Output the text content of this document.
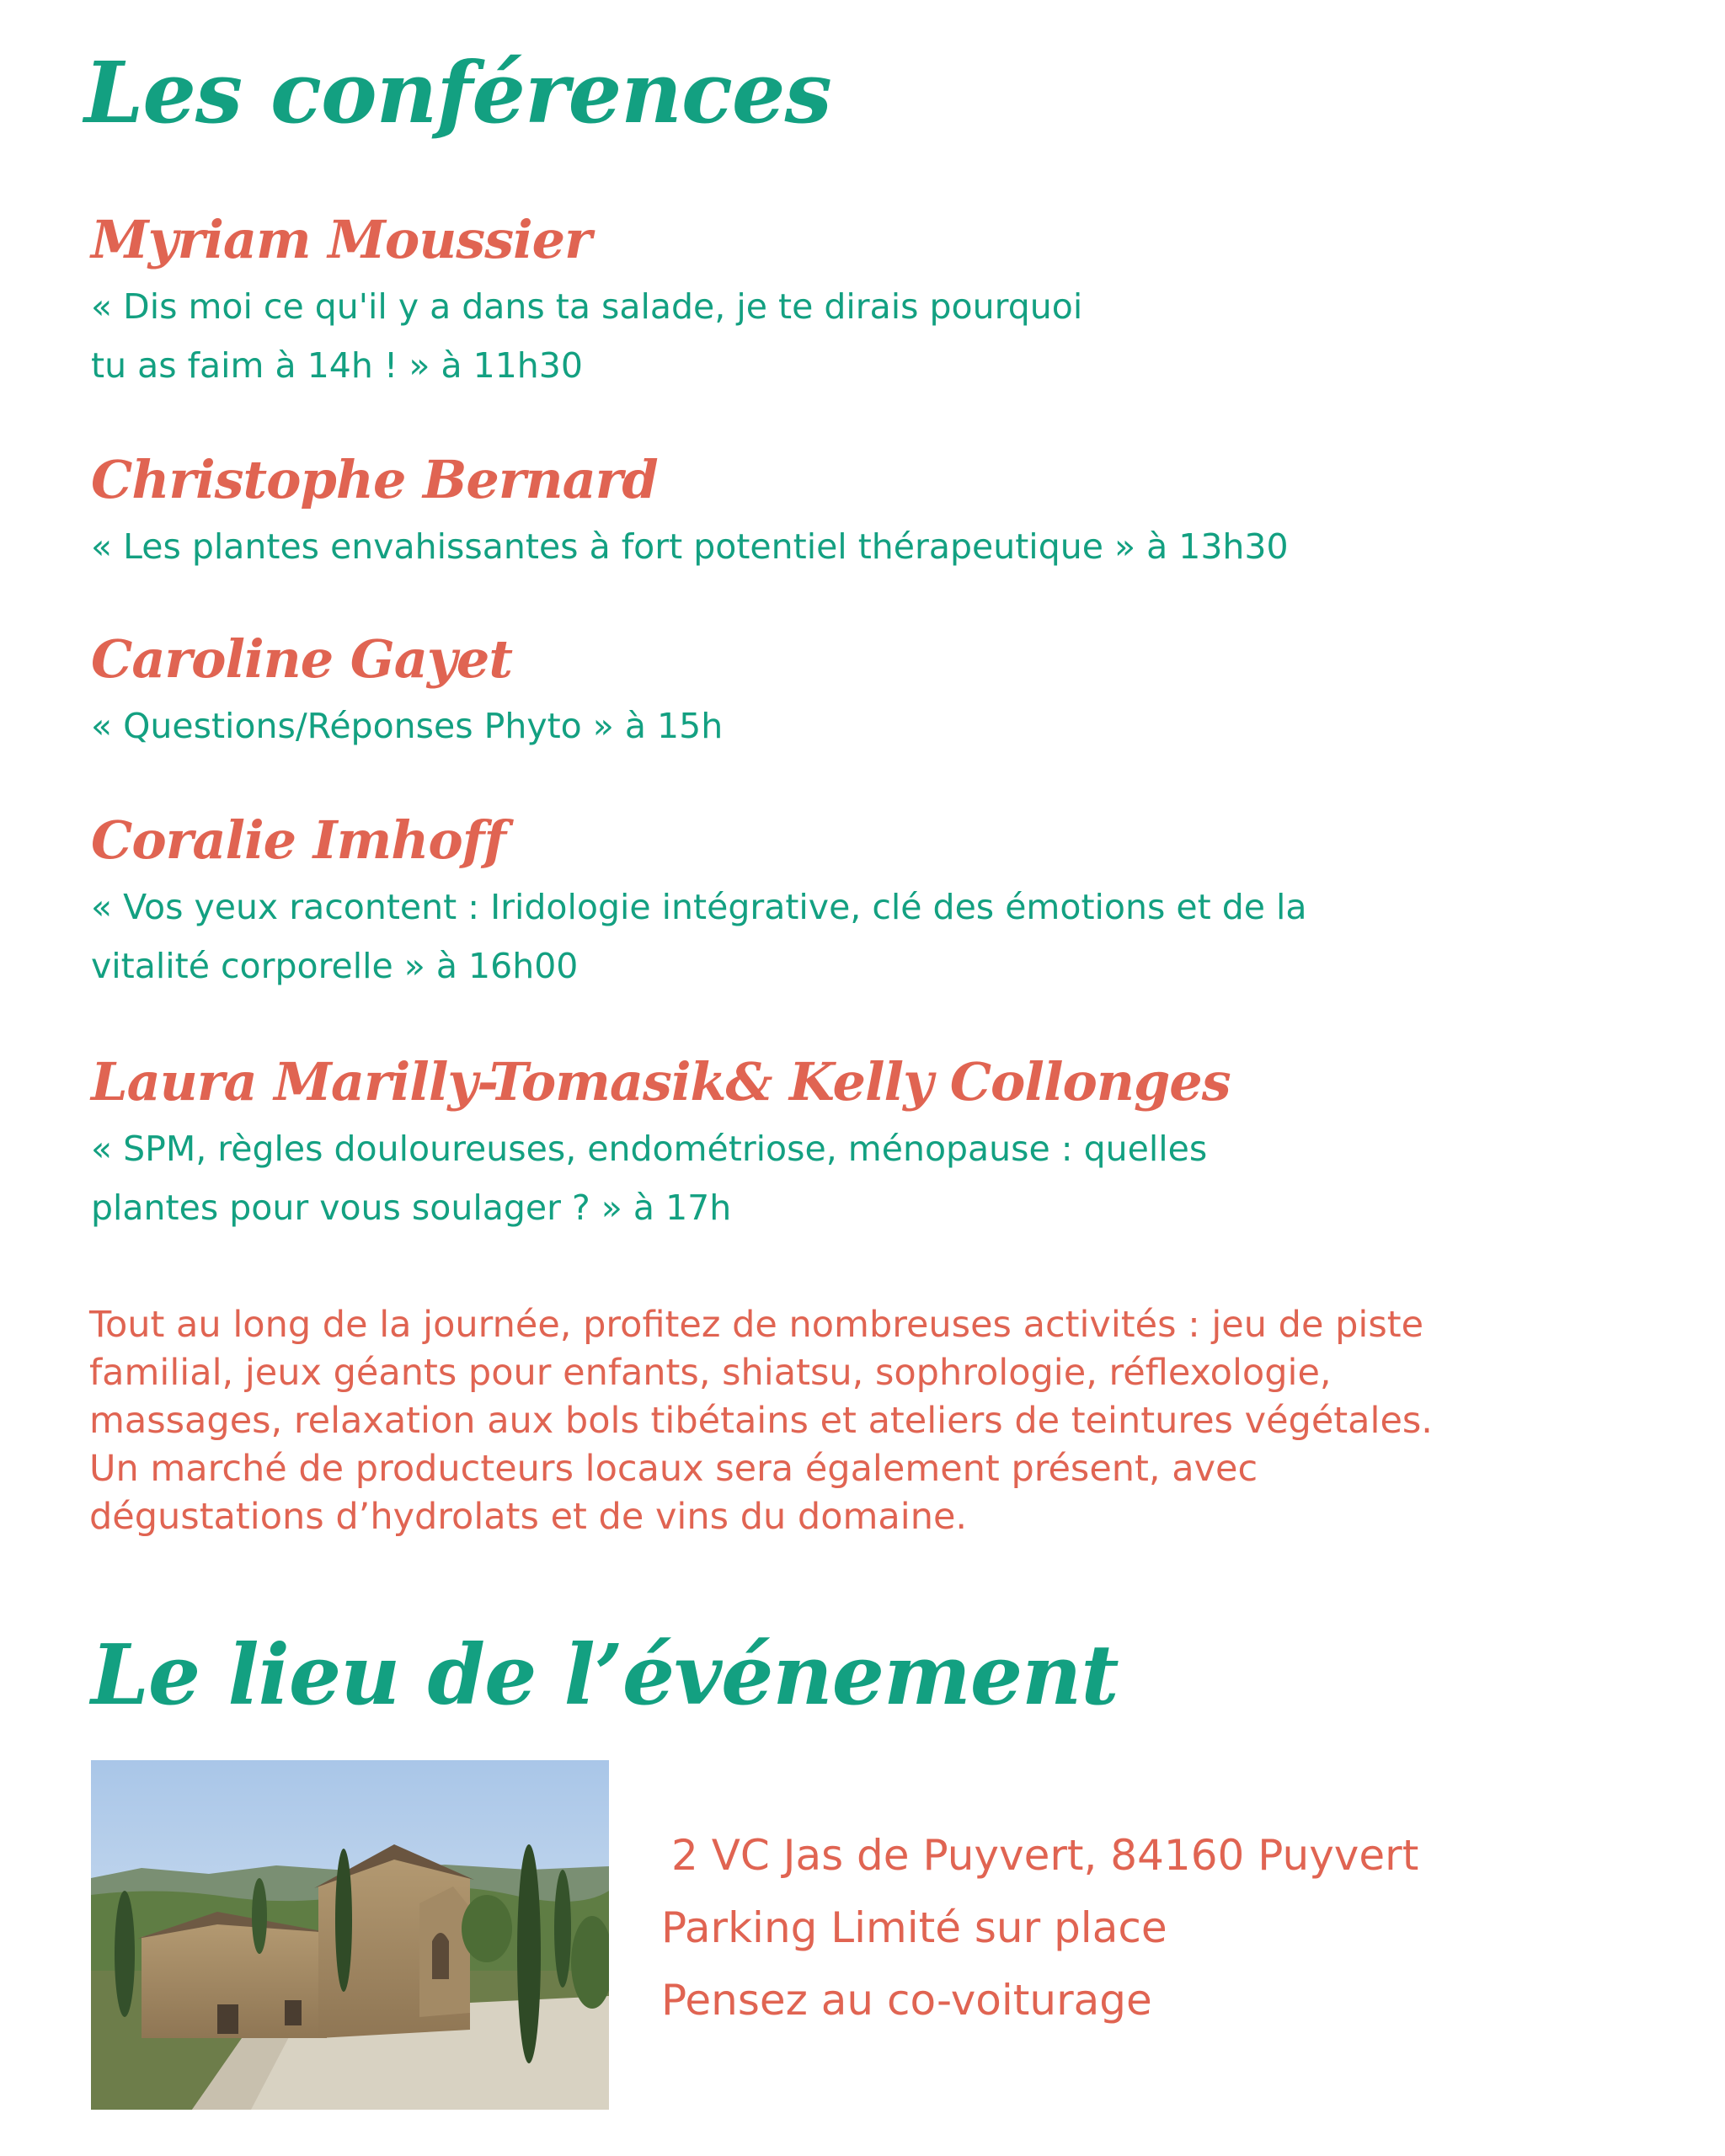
Les conférences
Myriam Moussier

« Dis moi ce qu'il y a dans ta salade, je te dirais pourquoi
tu as faim à 14h ! » à 11h30

Christophe Bernard

« Les plantes envahissantes à fort potentiel thérapeutique » à 13h30

Caroline Gayet

« Questions/Réponses Phyto » à 15h

Coralie Imhoff

« Vos yeux racontent : Iridologie intégrative, clé des émotions et de la
vitalité corporelle » à 16h00

Laura Marilly-Tomasik& Kelly Collonges

« SPM, règles douloureuses, endométriose, ménopause : quelles
plantes pour vous soulager ? » à 17h

Tout au long de la journée, profitez de nombreuses activités : jeu de piste
familial, jeux géants pour enfants, shiatsu, sophrologie, réflexologie,
massages, relaxation aux bols tibétains et ateliers de teintures végétales.
Un marché de producteurs locaux sera également présent, avec
dégustations d’hydrolats et de vins du domaine.

Le lieu de l’événement

2 VC Jas de Puyvert, 84160 Puyvert

Parking Limité sur place

Pensez au co-voiturage
